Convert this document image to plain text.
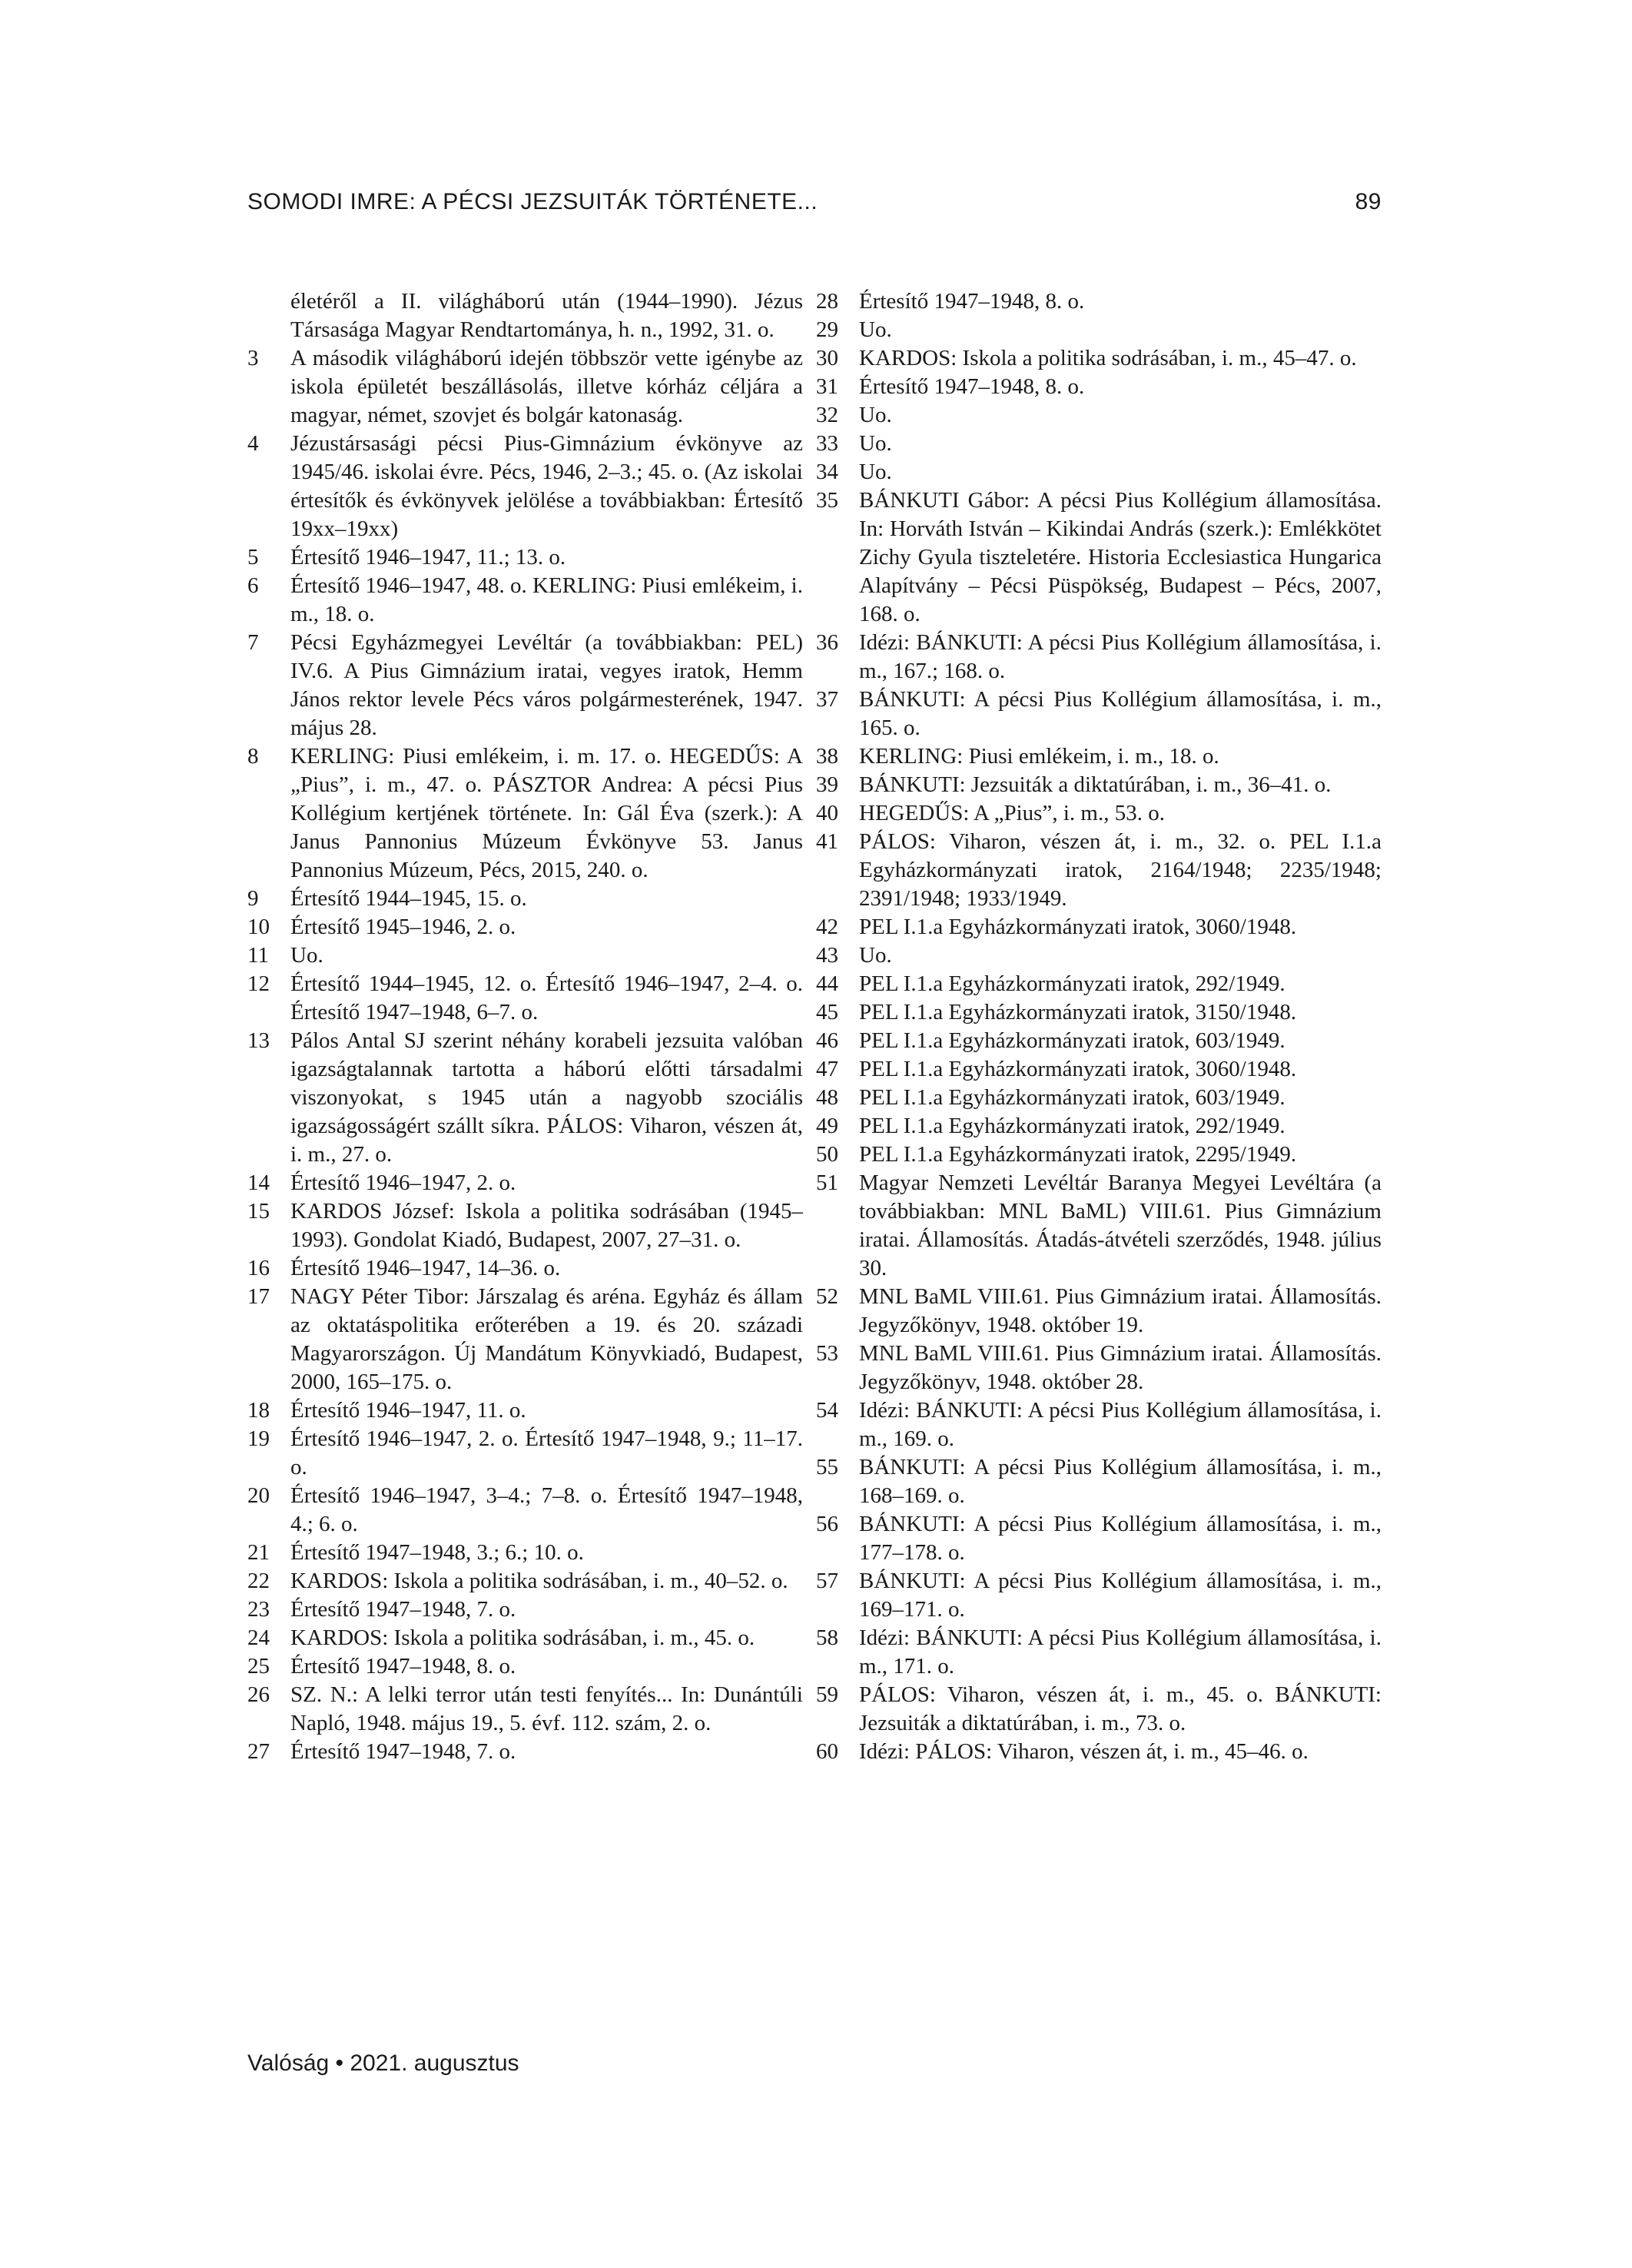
SOMODI IMRE: A PÉCSI JEZSUITÁK TÖRTÉNETE...	89
életéről a II. világháború után (1944–1990). Jézus Társasága Magyar Rendtartománya, h. n., 1992, 31. o.
3	A második világháború idején többször vette igénybe az iskola épületét beszállásolás, illetve kórház céljára a magyar, német, szovjet és bolgár katonaság.
4	Jézustársasági pécsi Pius-Gimnázium évkönyve az 1945/46. iskolai évre. Pécs, 1946, 2–3.; 45. o. (Az iskolai értesítők és évkönyvek jelölése a továbbiakban: Értesítő 19xx–19xx)
5	Értesítő 1946–1947, 11.; 13. o.
6	Értesítő 1946–1947, 48. o. KERLING: Piusi emlékeim, i. m., 18. o.
7	Pécsi Egyházmegyei Levéltár (a továbbiakban: PEL) IV.6. A Pius Gimnázium iratai, vegyes iratok, Hemm János rektor levele Pécs város polgármesterének, 1947. május 28.
8	KERLING: Piusi emlékeim, i. m. 17. o. HEGEDŰS: A „Pius”, i. m., 47. o. PÁSZTOR Andrea: A pécsi Pius Kollégium kertjének története. In: Gál Éva (szerk.): A Janus Pannonius Múzeum Évkönyve 53. Janus Pannonius Múzeum, Pécs, 2015, 240. o.
9	Értesítő 1944–1945, 15. o.
10 Értesítő 1945–1946, 2. o.
11 Uo.
12 Értesítő 1944–1945, 12. o. Értesítő 1946–1947, 2–4. o. Értesítő 1947–1948, 6–7. o.
13 Pálos Antal SJ szerint néhány korabeli jezsuita valóban igazságtalannak tartotta a háború előtti társadalmi viszonyokat, s 1945 után a nagyobb szociális igazságosságért szállt síkra. PÁLOS: Viharon, vészen át, i. m., 27. o.
14 Értesítő 1946–1947, 2. o.
15 KARDOS József: Iskola a politika sodrásában (1945–1993). Gondolat Kiadó, Budapest, 2007, 27–31. o.
16 Értesítő 1946–1947, 14–36. o.
17 NAGY Péter Tibor: Járszalag és aréna. Egyház és állam az oktatáspolitika erőterében a 19. és 20. századi Magyarországon. Új Mandátum Könyvkiadó, Budapest, 2000, 165–175. o.
18 Értesítő 1946–1947, 11. o.
19 Értesítő 1946–1947, 2. o. Értesítő 1947–1948, 9.; 11–17. o.
20 Értesítő 1946–1947, 3–4.; 7–8. o. Értesítő 1947–1948, 4.; 6. o.
21 Értesítő 1947–1948, 3.; 6.; 10. o.
22 KARDOS: Iskola a politika sodrásában, i. m., 40–52. o.
23 Értesítő 1947–1948, 7. o.
24 KARDOS: Iskola a politika sodrásában, i. m., 45. o.
25 Értesítő 1947–1948, 8. o.
26 SZ. N.: A lelki terror után testi fenyítés... In: Dunántúli Napló, 1948. május 19., 5. évf. 112. szám, 2. o.
27 Értesítő 1947–1948, 7. o.
28 Értesítő 1947–1948, 8. o.
29 Uo.
30 KARDOS: Iskola a politika sodrásában, i. m., 45–47. o.
31 Értesítő 1947–1948, 8. o.
32 Uo.
33 Uo.
34 Uo.
35 BÁNKUTI Gábor: A pécsi Pius Kollégium államosítása. In: Horváth István – Kikindai András (szerk.): Emlékkötet Zichy Gyula tiszteletére. Historia Ecclesiastica Hungarica Alapítvány – Pécsi Püspökség, Budapest – Pécs, 2007, 168. o.
36 Idézi: BÁNKUTI: A pécsi Pius Kollégium államosítása, i. m., 167.; 168. o.
37 BÁNKUTI: A pécsi Pius Kollégium államosítása, i. m., 165. o.
38 KERLING: Piusi emlékeim, i. m., 18. o.
39 BÁNKUTI: Jezsuiták a diktatúrában, i. m., 36–41. o.
40 HEGEDŰS: A „Pius”, i. m., 53. o.
41 PÁLOS: Viharon, vészen át, i. m., 32. o. PEL I.1.a Egyházkormányzati iratok, 2164/1948; 2235/1948; 2391/1948; 1933/1949.
42 PEL I.1.a Egyházkormányzati iratok, 3060/1948.
43 Uo.
44 PEL I.1.a Egyházkormányzati iratok, 292/1949.
45 PEL I.1.a Egyházkormányzati iratok, 3150/1948.
46 PEL I.1.a Egyházkormányzati iratok, 603/1949.
47 PEL I.1.a Egyházkormányzati iratok, 3060/1948.
48 PEL I.1.a Egyházkormányzati iratok, 603/1949.
49 PEL I.1.a Egyházkormányzati iratok, 292/1949.
50 PEL I.1.a Egyházkormányzati iratok, 2295/1949.
51 Magyar Nemzeti Levéltár Baranya Megyei Levéltára (a továbbiakban: MNL BaML) VIII.61. Pius Gimnázium iratai. Államosítás. Átadás-átvételi szerződés, 1948. július 30.
52 MNL BaML VIII.61. Pius Gimnázium iratai. Államosítás. Jegyzőkönyv, 1948. október 19.
53 MNL BaML VIII.61. Pius Gimnázium iratai. Államosítás. Jegyzőkönyv, 1948. október 28.
54 Idézi: BÁNKUTI: A pécsi Pius Kollégium államosítása, i. m., 169. o.
55 BÁNKUTI: A pécsi Pius Kollégium államosítása, i. m., 168–169. o.
56 BÁNKUTI: A pécsi Pius Kollégium államosítása, i. m., 177–178. o.
57 BÁNKUTI: A pécsi Pius Kollégium államosítása, i. m., 169–171. o.
58 Idézi: BÁNKUTI: A pécsi Pius Kollégium államosítása, i. m., 171. o.
59 PÁLOS: Viharon, vészen át, i. m., 45. o. BÁNKUTI: Jezsuiták a diktatúrában, i. m., 73. o.
60 Idézi: PÁLOS: Viharon, vészen át, i. m., 45–46. o.
Valóság • 2021. augusztus
